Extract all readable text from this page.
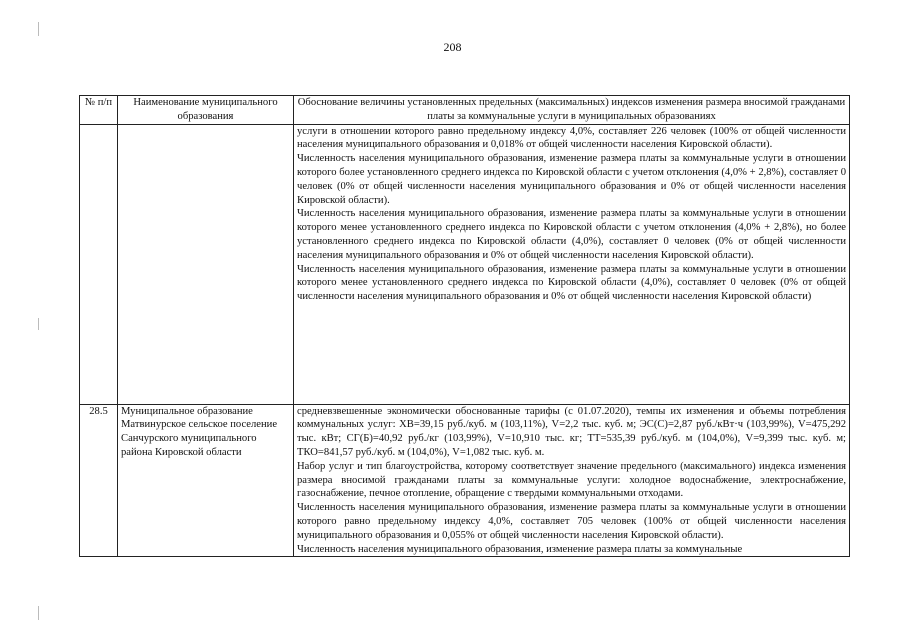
208
№ п/п	Наименование муниципального образования	Обоснование величины установленных предельных (максимальных) индексов изменения размера вносимой гражданами платы за коммунальные услуги в муниципальных образованиях

		услуги в отношении которого равно предельному индексу 4,0%, составляет 226 человек (100% от общей численности населения муниципального образования и 0,018% от общей численности населения Кировской области).

Численность населения муниципального образования, изменение размера платы за коммунальные услуги в отношении которого более установленного среднего индекса по Кировской области с учетом отклонения (4,0% + 2,8%), составляет 0 человек (0% от общей численности населения муниципального образования и 0% от общей численности населения Кировской области).

Численность населения муниципального образования, изменение размера платы за коммунальные услуги в отношении которого менее установленного среднего индекса по Кировской области с учетом отклонения (4,0% + 2,8%), но более установленного среднего индекса по Кировской области (4,0%), составляет 0 человек (0% от общей численности населения муниципального образования и 0% от общей численности населения Кировской области).

Численность населения муниципального образования, изменение размера платы за коммунальные услуги в отношении которого менее установленного среднего индекса по Кировской области (4,0%), составляет 0 человек (0% от общей численности населения муниципального образования и 0% от общей численности населения Кировской области)

28.5	Муниципальное образование Матвинурское сельское поселение Санчурского муниципального района Кировской области	средневзвешенные экономически обоснованные тарифы (с 01.07.2020), темпы их изменения и объемы потребления коммунальных услуг: ХВ=39,15 руб./куб. м (103,11%), V=2,2 тыс. куб. м; ЭС(С)=2,87 руб./кВт·ч (103,99%), V=475,292 тыс. кВт; СГ(Б)=40,92 руб./кг (103,99%), V=10,910 тыс. кг; ТТ=535,39 руб./куб. м (104,0%), V=9,399 тыс. куб. м; ТКО=841,57 руб./куб. м (104,0%), V=1,082 тыс. куб. м.

Набор услуг и тип благоустройства, которому соответствует значение предельного (максимального) индекса изменения размера вносимой гражданами платы за коммунальные услуги: холодное водоснабжение, электроснабжение, газоснабжение, печное отопление, обращение с твердыми коммунальными отходами.

Численность населения муниципального образования, изменение размера платы за коммунальные услуги в отношении которого равно предельному индексу 4,0%, составляет 705 человек (100% от общей численности населения муниципального образования и 0,055% от общей численности населения Кировской области).

Численность населения муниципального образования, изменение размера платы за коммунальные
